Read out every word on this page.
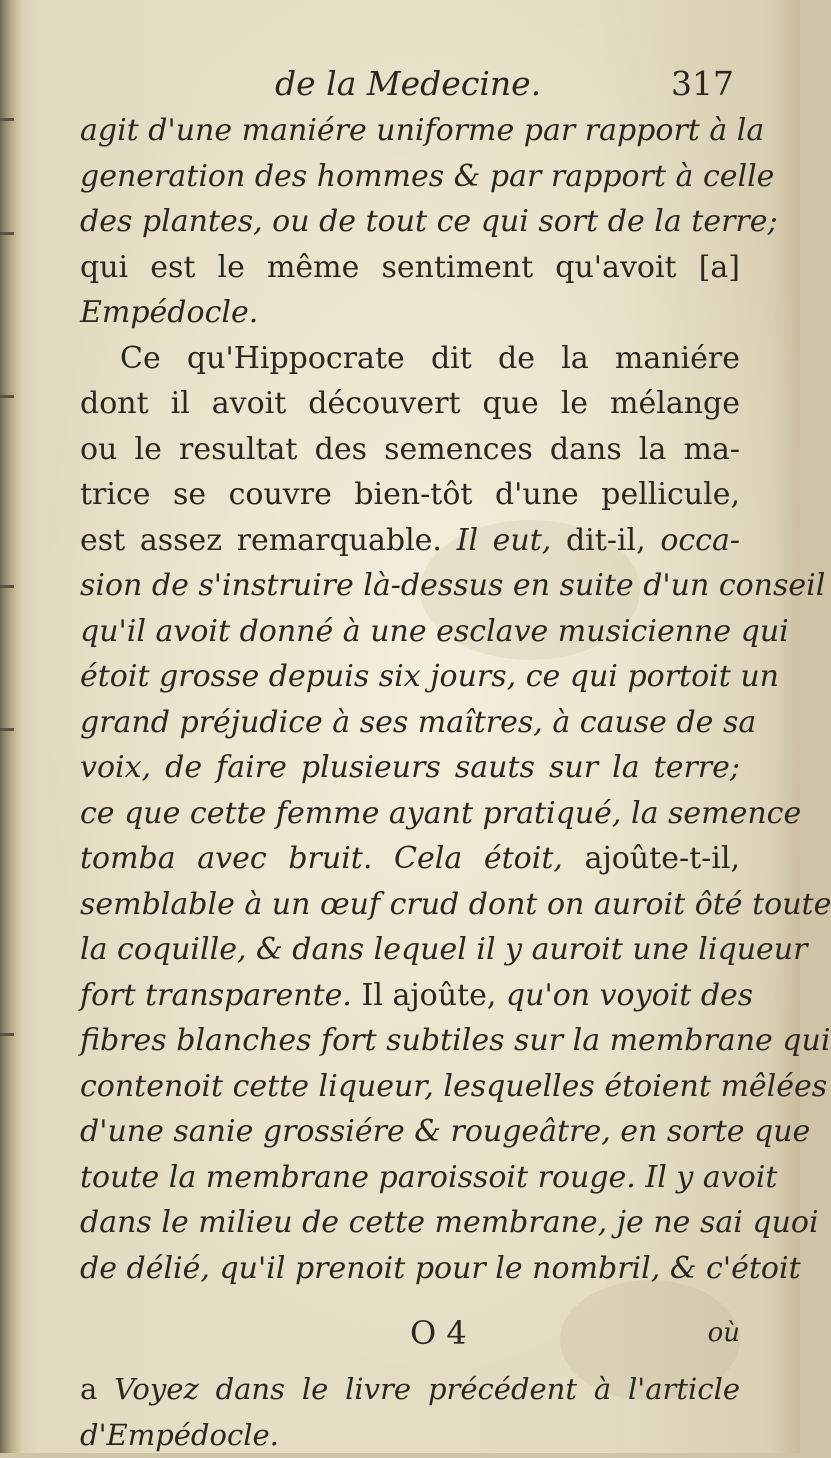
de la Medecine.	317
agit d'une maniére uniforme par rapport à la
generation des hommes & par rapport à celle
des plantes, ou de tout ce qui sort de la terre;
qui est le même sentiment qu'avoit [a]
Empédocle.
Ce qu'Hippocrate dit de la maniére
dont il avoit découvert que le mélange
ou le resultat des semences dans la ma-
trice se couvre bien-tôt d'une pellicule,
est assez remarquable. Il eut, dit-il, occa-
sion de s'instruire là-dessus en suite d'un conseil
qu'il avoit donné à une esclave musicienne qui
étoit grosse depuis six jours, ce qui portoit un
grand préjudice à ses maîtres, à cause de sa
voix, de faire plusieurs sauts sur la terre;
ce que cette femme ayant pratiqué, la semence
tomba avec bruit. Cela étoit, ajoûte-t-il,
semblable à un œuf crud dont on auroit ôté toute
la coquille, & dans lequel il y auroit une liqueur
fort transparente. Il ajoûte, qu'on voyoit des
fibres blanches fort subtiles sur la membrane qui
contenoit cette liqueur, lesquelles étoient mêlées
d'une sanie grossiére & rougeâtre, en sorte que
toute la membrane paroissoit rouge. Il y avoit
dans le milieu de cette membrane, je ne sai quoi
de délié, qu'il prenoit pour le nombril, & c'étoit
O 4	où
a Voyez dans le livre précédent à l'article
d'Empédocle.
